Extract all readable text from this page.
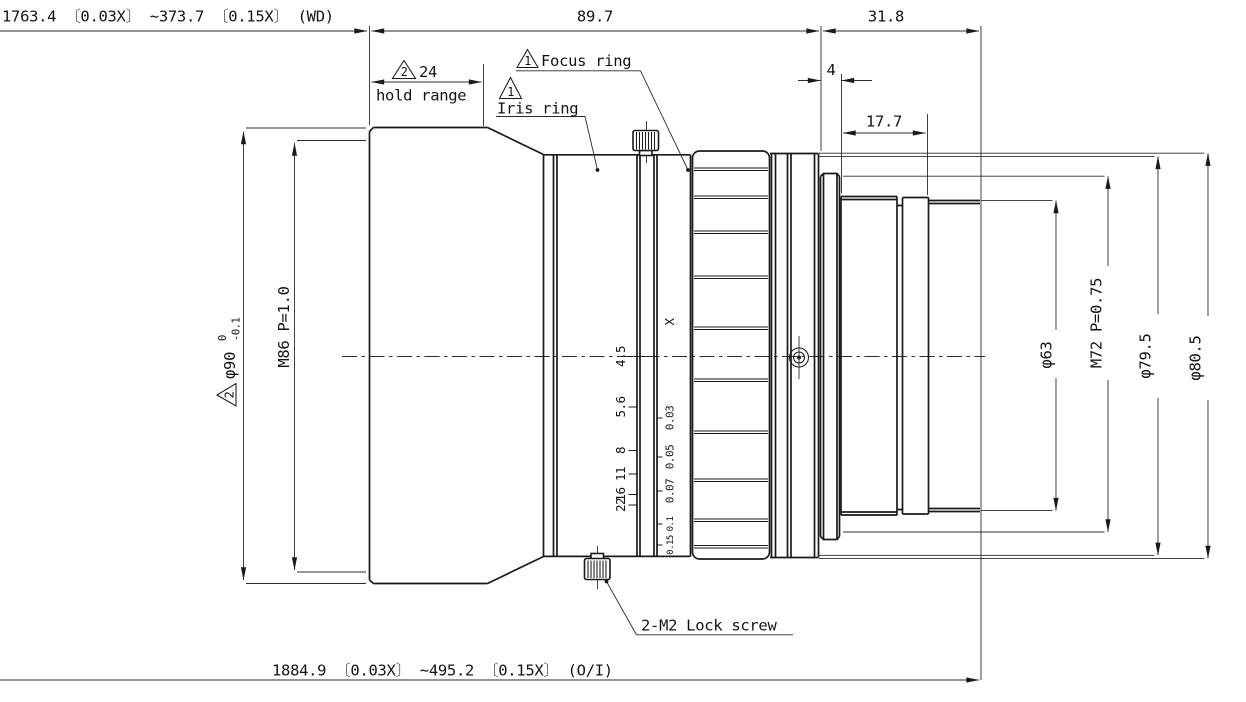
4.5
5.6
8
11
16
22
X
0.03
0.05
0.07
0.1
0.15
2
1
1
1763.4 〔0.03X〕 ∼373.7 〔0.15X〕 (WD)	89.7	31.8
24
hold range
Focus ring
Iris ring
4
17.7
2-M2 Lock screw
1884.9 〔0.03X〕 ∼495.2 〔0.15X〕 (O/I)
2
φ90
0 -0.1 M86 P=1.0	φ63 M72 P=0.75 φ79.5 φ80.5
